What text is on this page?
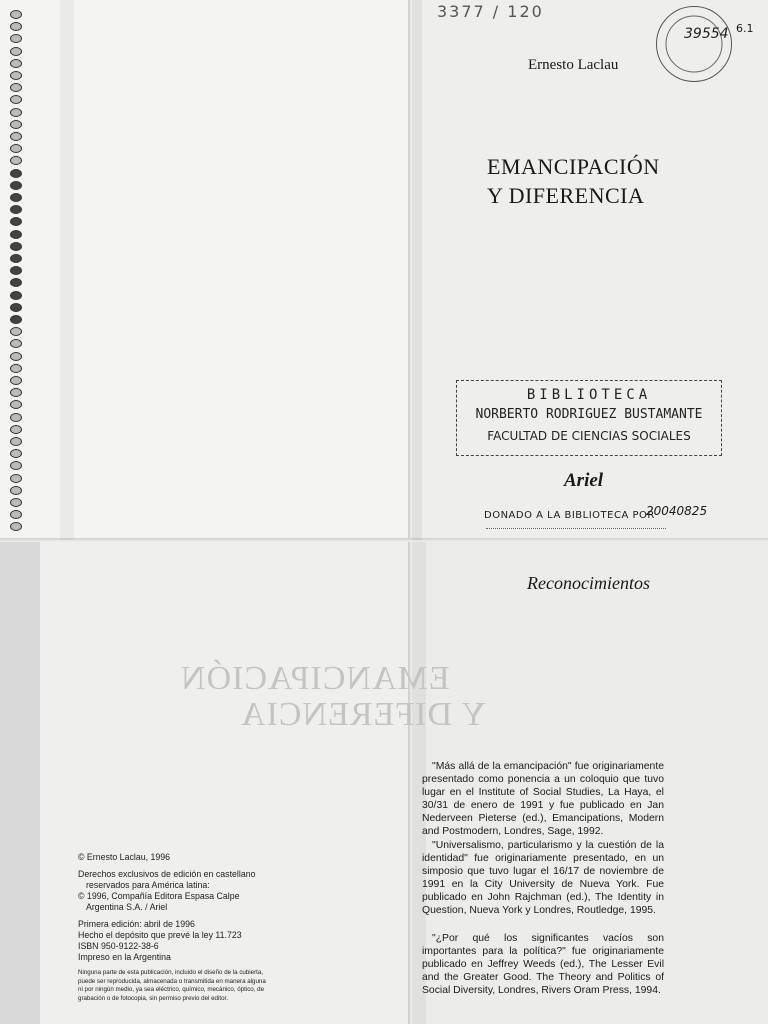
3377 / 120
Ernesto Laclau
39554 6.1
EMANCIPACIÓN
Y DIFERENCIA
BIBLIOTECA
NORBERTO RODRIGUEZ BUSTAMANTE
FACULTAD DE CIENCIAS SOCIALES
Ariel
DONADO A LA BIBLIOTECA POR
20040825
EMANCIPACIÓN
Y DIFERENCIA
© Ernesto Laclau, 1996
Derechos exclusivos de edición en castellano
reservados para América latina:
© 1996, Compañía Editora Espasa Calpe
Argentina S.A. / Ariel
Primera edición: abril de 1996
Hecho el depósito que prevé la ley 11.723
ISBN 950-9122-38-6
Impreso en la Argentina
Ninguna parte de esta publicación, incluido el diseño de la cubierta,
puede ser reproducida, almacenada o transmitida en manera alguna
ni por ningún medio, ya sea eléctrico, químico, mecánico, óptico, de
grabación o de fotocopia, sin permiso previo del editor.
Reconocimientos

"Más allá de la emancipación" fue originariamente presentado como ponencia a un coloquio que tuvo lugar en el Institute of Social Studies, La Haya, el 30/31 de enero de 1991 y fue publicado en Jan Nederveen Pieterse (ed.), Emancipations, Modern and Postmodern, Londres, Sage, 1992.

"Universalismo, particularismo y la cuestión de la identidad" fue originariamente presentado, en un simposio que tuvo lugar el 16/17 de noviembre de 1991 en la City University de Nueva York. Fue publicado en John Rajchman (ed.), The Identity in Question, Nueva York y Londres, Routledge, 1995.

"¿Por qué los significantes vacíos son importantes para la política?" fue originariamente publicado en Jeffrey Weeds (ed.), The Lesser Evil and the Greater Good. The Theory and Politics of Social Diversity, Londres, Rivers Oram Press, 1994.
